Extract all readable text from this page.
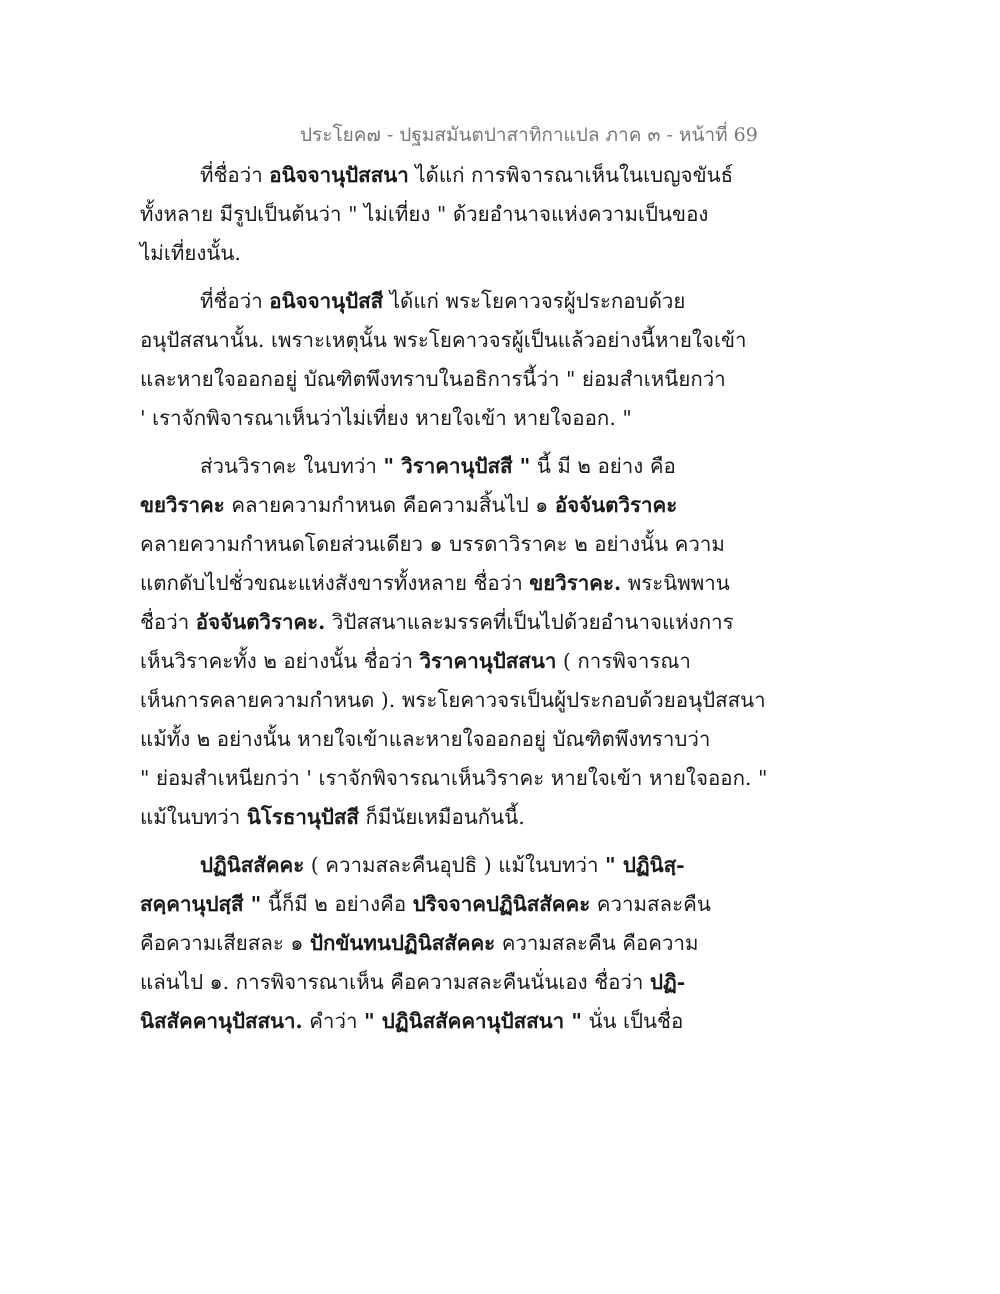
ประโยค๗ - ปฐมสมันตปาสาทิกาแปล ภาค ๓ - หน้าที่ 69
ที่ชื่อว่า อนิจจานุปัสสนา ได้แก่ การพิจารณาเห็นในเบญจขันธ์
ทั้งหลาย มีรูปเป็นต้นว่า " ไม่เที่ยง " ด้วยอำนาจแห่งความเป็นของ
ไม่เที่ยงนั้น.
ที่ชื่อว่า อนิจจานุปัสสี ได้แก่ พระโยคาวจรผู้ประกอบด้วย
อนุปัสสนานั้น. เพราะเหตุนั้น พระโยคาวจรผู้เป็นแล้วอย่างนี้หายใจเข้า
และหายใจออกอยู่ บัณฑิตพึงทราบในอธิการนี้ว่า " ย่อมสำเหนียกว่า
' เราจักพิจารณาเห็นว่าไม่เที่ยง หายใจเข้า หายใจออก. "
ส่วนวิราคะ ในบทว่า " วิราคานุปัสสี " นี้ มี ๒ อย่าง คือ
ขยวิราคะ คลายความกำหนด คือความสิ้นไป ๑ อัจจันตวิราคะ
คลายความกำหนดโดยส่วนเดียว ๑ บรรดาวิราคะ ๒ อย่างนั้น ความ
แตกดับไปชั่วขณะแห่งสังขารทั้งหลาย ชื่อว่า ขยวิราคะ. พระนิพพาน
ชื่อว่า อัจจันตวิราคะ. วิปัสสนาและมรรคที่เป็นไปด้วยอำนาจแห่งการ
เห็นวิราคะทั้ง ๒ อย่างนั้น ชื่อว่า วิราคานุปัสสนา ( การพิจารณา
เห็นการคลายความกำหนด ). พระโยคาวจรเป็นผู้ประกอบด้วยอนุปัสสนา
แม้ทั้ง ๒ อย่างนั้น หายใจเข้าและหายใจออกอยู่ บัณฑิตพึงทราบว่า
" ย่อมสำเหนียกว่า ' เราจักพิจารณาเห็นวิราคะ หายใจเข้า หายใจออก. "
แม้ในบทว่า นิโรธานุปัสสี ก็มีนัยเหมือนกันนี้.
ปฏินิสสัคคะ ( ความสละคืนอุปธิ ) แม้ในบทว่า " ปฏินิสฺ-
สคฺคานุปสฺสี " นี้ก็มี ๒ อย่างคือ ปริจจาคปฏินิสสัคคะ ความสละคืน
คือความเสียสละ ๑ ปักขันทนปฏินิสสัคคะ ความสละคืน คือความ
แล่นไป ๑. การพิจารณาเห็น คือความสละคืนนั่นเอง ชื่อว่า ปฏิ-
นิสสัคคานุปัสสนา. คำว่า " ปฏินิสสัคคานุปัสสนา " นั่น เป็นชื่อ
